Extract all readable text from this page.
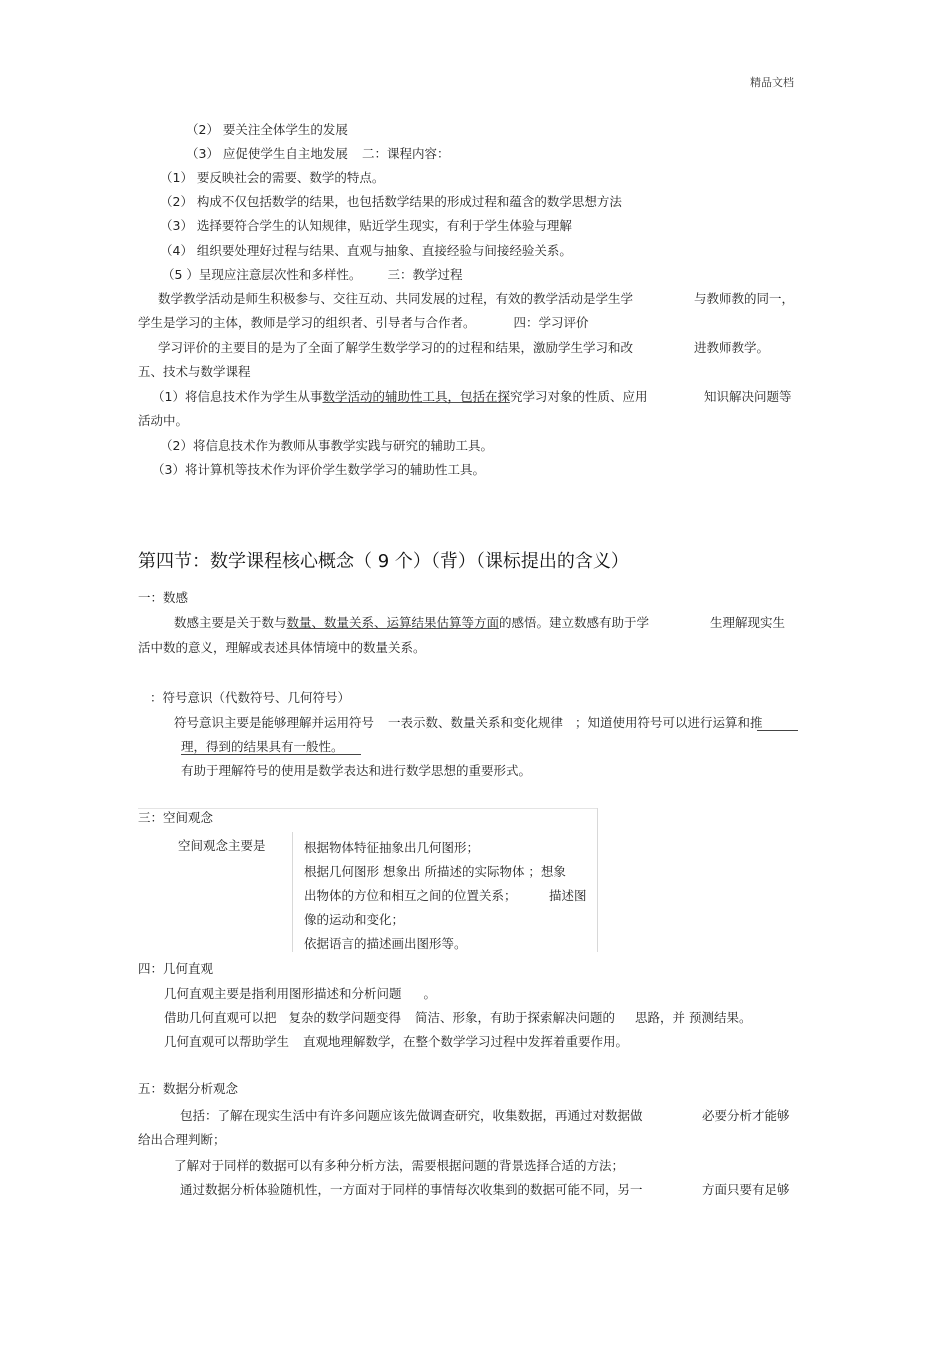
精品文档
（2） 要关注全体学生的发展
（3） 应促使学生自主地发展 二：课程内容：
（1） 要反映社会的需要、数学的特点。
（2） 构成不仅包括数学的结果，也包括数学结果的形成过程和蕴含的数学思想方法
（3） 选择要符合学生的认知规律，贴近学生现实，有利于学生体验与理解
（4） 组织要处理好过程与结果、直观与抽象、直接经验与间接经验关系。
（5 ）呈现应注意层次性和多样性。 三：教学过程
数学教学活动是师生积极参与、交往互动、共同发展的过程，有效的教学活动是学生学	与教师教的同一，
学生是学习的主体，教师是学习的组织者、引导者与合作者。	四：学习评价
学习评价的主要目的是为了全面了解学生数学学习的的过程和结果，激励学生学习和改	进教师教学。
五、技术与数学课程
（1）将信息技术作为学生从事数学活动的辅助性工具，包括在探究学习对象的性质、应用	知识解决问题等
活动中。
（2）将信息技术作为教师从事教学实践与研究的辅助工具。
（3）将计算机等技术作为评价学生数学学习的辅助性工具。
第四节：数学课程核心概念（ 9 个）（背）（课标提出的含义）
一：数感
数感主要是关于数与数量、数量关系、运算结果估算等方面的感悟。建立数感有助于学	生理解现实生
活中数的意义，理解或表述具体情境中的数量关系。
：符号意识（代数符号、几何符号）
符号意识主要是能够理解并运用符号 一表示数、数量关系和变化规律 ；知道使用符号可以进行运算和推
理，得到的结果具有一般性。
有助于理解符号的使用是数学表达和进行数学思想的重要形式。
三：空间观念
空间观念主要是	根据物体特征抽象出几何图形；
根据几何图形 想象出 所描述的实际物体 ；想象
出物体的方位和相互之间的位置关系；	描述图
像的运动和变化；
依据语言的描述画出图形等。
四：几何直观
几何直观主要是指利用图形描述和分析问题 。
借助几何直观可以把 复杂的数学问题变得 简洁、形象，有助于探索解决问题的 思路，并 预测结果。
几何直观可以帮助学生 直观地理解数学，在整个数学学习过程中发挥着重要作用。
五：数据分析观念
包括：了解在现实生活中有许多问题应该先做调查研究，收集数据，再通过对数据做	必要分析才能够
给出合理判断；
了解对于同样的数据可以有多种分析方法，需要根据问题的背景选择合适的方法；
通过数据分析体验随机性，一方面对于同样的事情每次收集到的数据可能不同，另一	方面只要有足够
